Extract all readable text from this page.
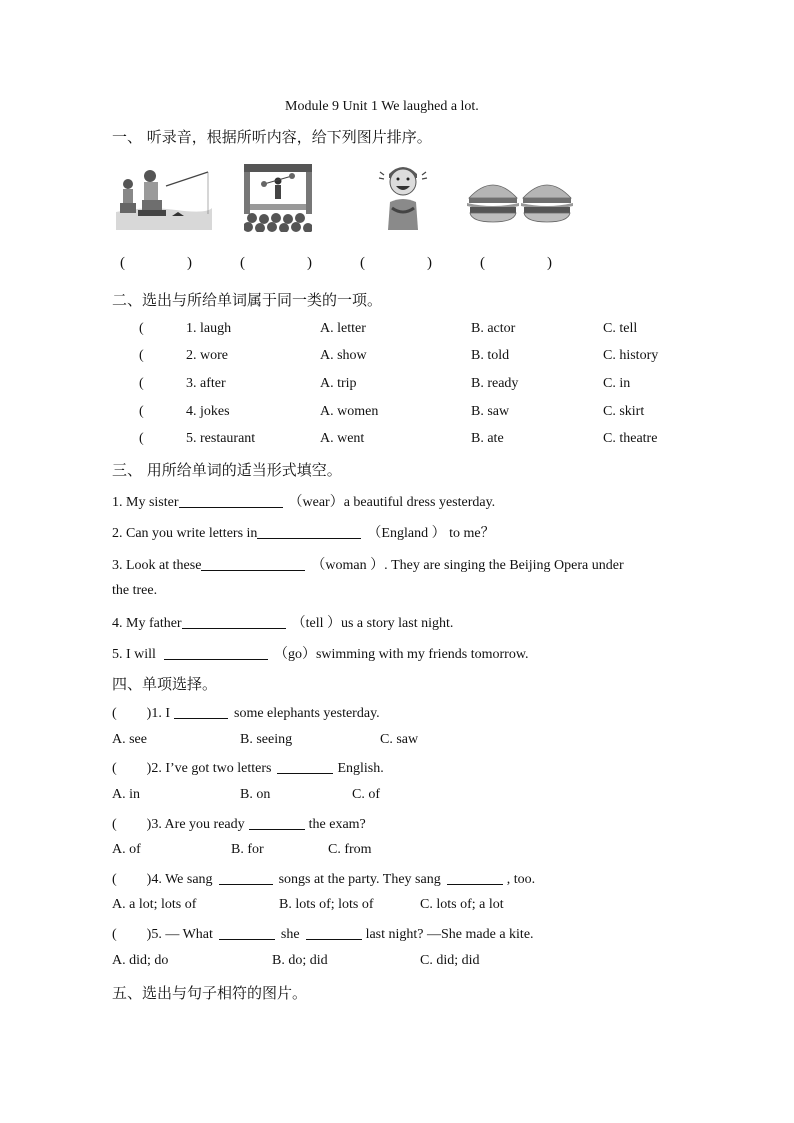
Module 9 Unit 1 We laughed a lot.
一、 听录音，根据所听内容，给下列图片排序。
(	)	(	)	(	)	(	)
二、选出与所给单词属于同一类的一项。
(	1. laugh	A. letter	B. actor	C. tell
(	2. wore	A. show	B. told	C. history
(	3. after	A. trip	B. ready	C. in
(	4. jokes	A. women	B. saw	C. skirt
(	5. restaurant	A. went	B. ate	C. theatre
三、 用所给单词的适当形式填空。
1. My sister	（wear）a beautiful dress yesterday.
2. Can you write letters in	（England ） to me？
3. Look at these	（woman ）. They are singing the Beijing Opera under
the tree.
4. My father	（tell ）us a story last night.
5. I will	（go）swimming with my friends tomorrow.
四、单项选择。
( )1. I	some elephants yesterday.
A. see	B. seeing	C. saw
( )2. I’ve got two letters	English.
A. in	B. on	C. of
( )3. Are you ready	the exam?
A. of	B. for	C. from
( )4. We sang	songs at the party. They sang	, too.
A. a lot; lots of	B. lots of; lots of	C. lots of; a lot
( )5. — What	she	last night? —She made a kite.
A. did; do	B. do; did	C. did; did
五、选出与句子相符的图片。
